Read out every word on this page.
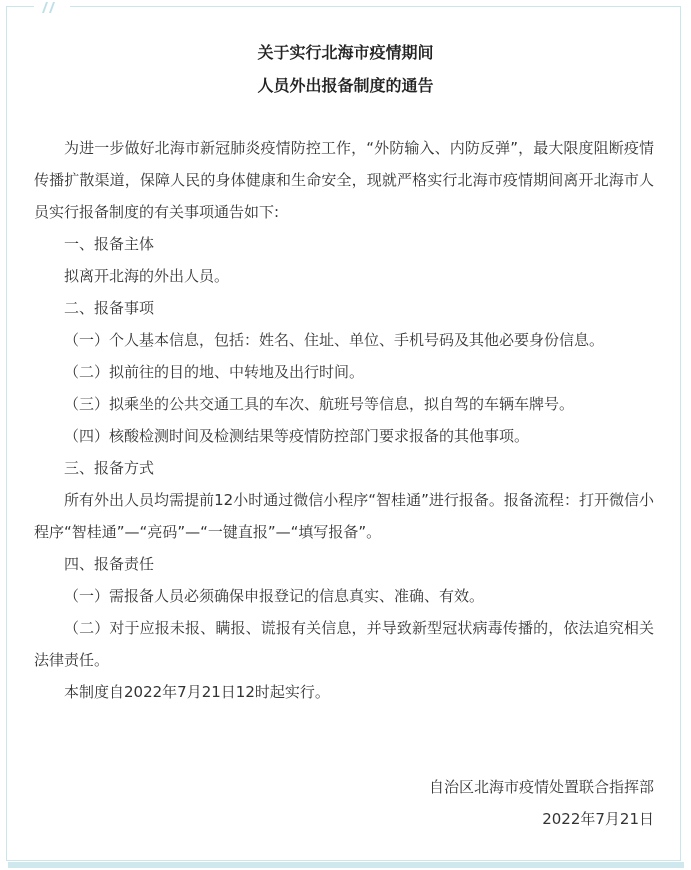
关于实行北海市疫情期间
人员外出报备制度的通告

为进一步做好北海市新冠肺炎疫情防控工作，“外防输入、内防反弹”，最大限度阻断疫情传播扩散渠道，保障人民的身体健康和生命安全，现就严格实行北海市疫情期间离开北海市人员实行报备制度的有关事项通告如下:

一、报备主体

拟离开北海的外出人员。

二、报备事项

（一）个人基本信息，包括：姓名、住址、单位、手机号码及其他必要身份信息。

（二）拟前往的目的地、中转地及出行时间。

（三）拟乘坐的公共交通工具的车次、航班号等信息，拟自驾的车辆车牌号。

（四）核酸检测时间及检测结果等疫情防控部门要求报备的其他事项。

三、报备方式

所有外出人员均需提前12小时通过微信小程序“智桂通”进行报备。报备流程：打开微信小程序“智桂通”—“亮码”—“一键直报”—“填写报备”。

四、报备责任

（一）需报备人员必须确保申报登记的信息真实、准确、有效。

（二）对于应报未报、瞒报、谎报有关信息，并导致新型冠状病毒传播的，依法追究相关法律责任。

本制度自2022年7月21日12时起实行。

自治区北海市疫情处置联合指挥部
2022年7月21日
